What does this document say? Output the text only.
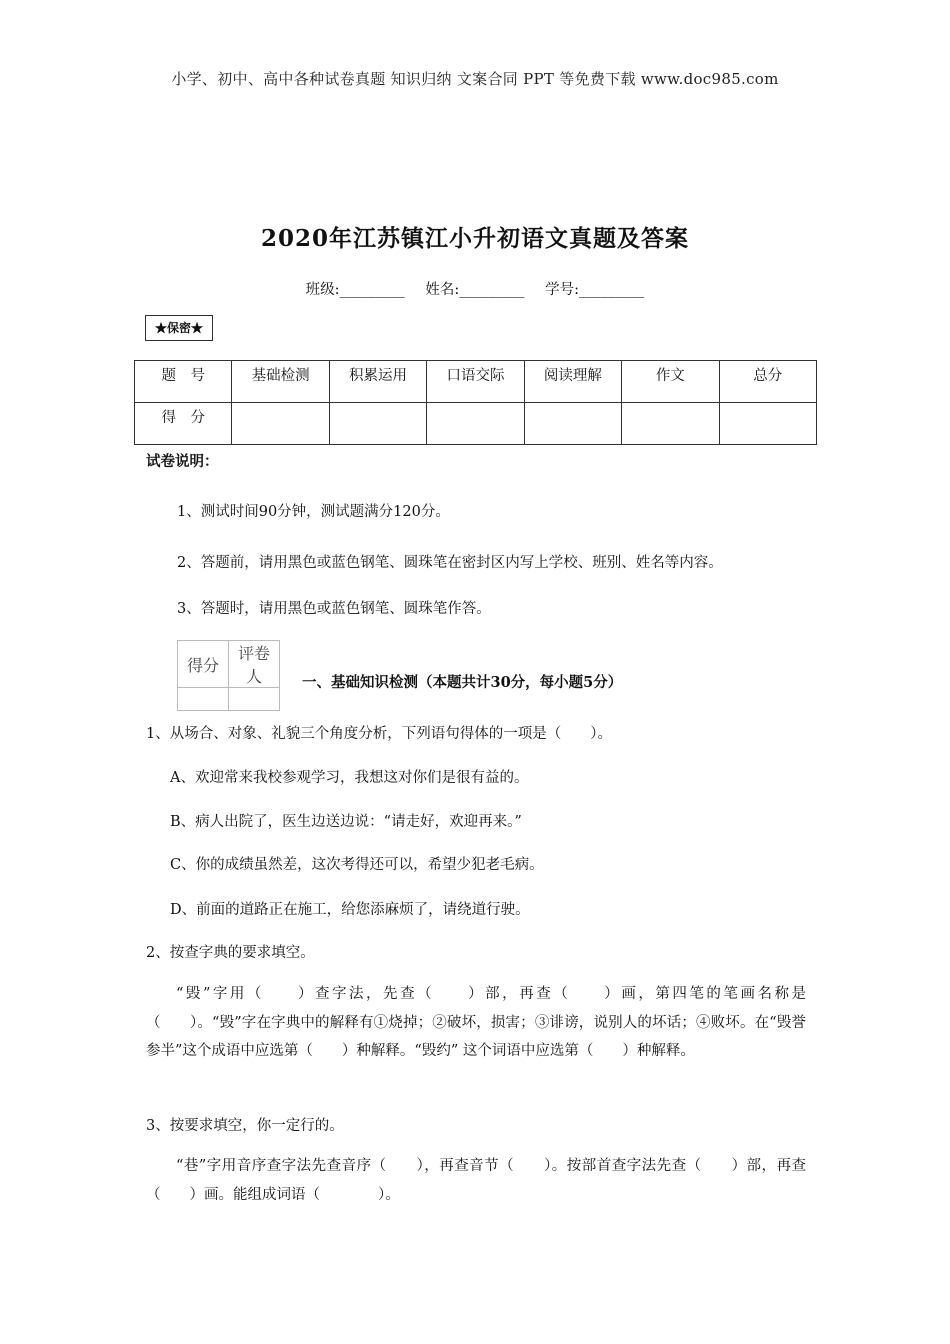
小学、初中、高中各种试卷真题 知识归纳 文案合同 PPT 等免费下载 www.doc985.com
2020年江苏镇江小升初语文真题及答案
班级:_________ 姓名:_________ 学号:_________
★保密★
题　号	基础检测	积累运用	口语交际	阅读理解	作文	总分
得　分						
试卷说明：
1、测试时间90分钟，测试题满分120分。
2、答题前，请用黑色或蓝色钢笔、圆珠笔在密封区内写上学校、班别、姓名等内容。
3、答题时，请用黑色或蓝色钢笔、圆珠笔作答。
得分	评卷人
		一、基础知识检测（本题共计30分，每小题5分）
1、从场合、对象、礼貌三个角度分析，下列语句得体的一项是（　　）。
A、欢迎常来我校参观学习，我想这对你们是很有益的。
B、病人出院了，医生边送边说：“请走好，欢迎再来。”
C、你的成绩虽然差，这次考得还可以，希望少犯老毛病。
D、前面的道路正在施工，给您添麻烦了，请绕道行驶。
2、按查字典的要求填空。
“毁”字用（　　）查字法，先查（　　）部，再查（　　）画，第四笔的笔画名称是（　　）。“毁”字在字典中的解释有①烧掉；②破坏，损害；③诽谤，说别人的坏话；④败坏。在“毁誉参半”这个成语中应选第（　　）种解释。“毁约” 这个词语中应选第（　　）种解释。
3、按要求填空，你一定行的。
“巷”字用音序查字法先查音序（　　），再查音节（　　）。按部首查字法先查（　　）部，再查（　　）画。能组成词语（　　　　）。
